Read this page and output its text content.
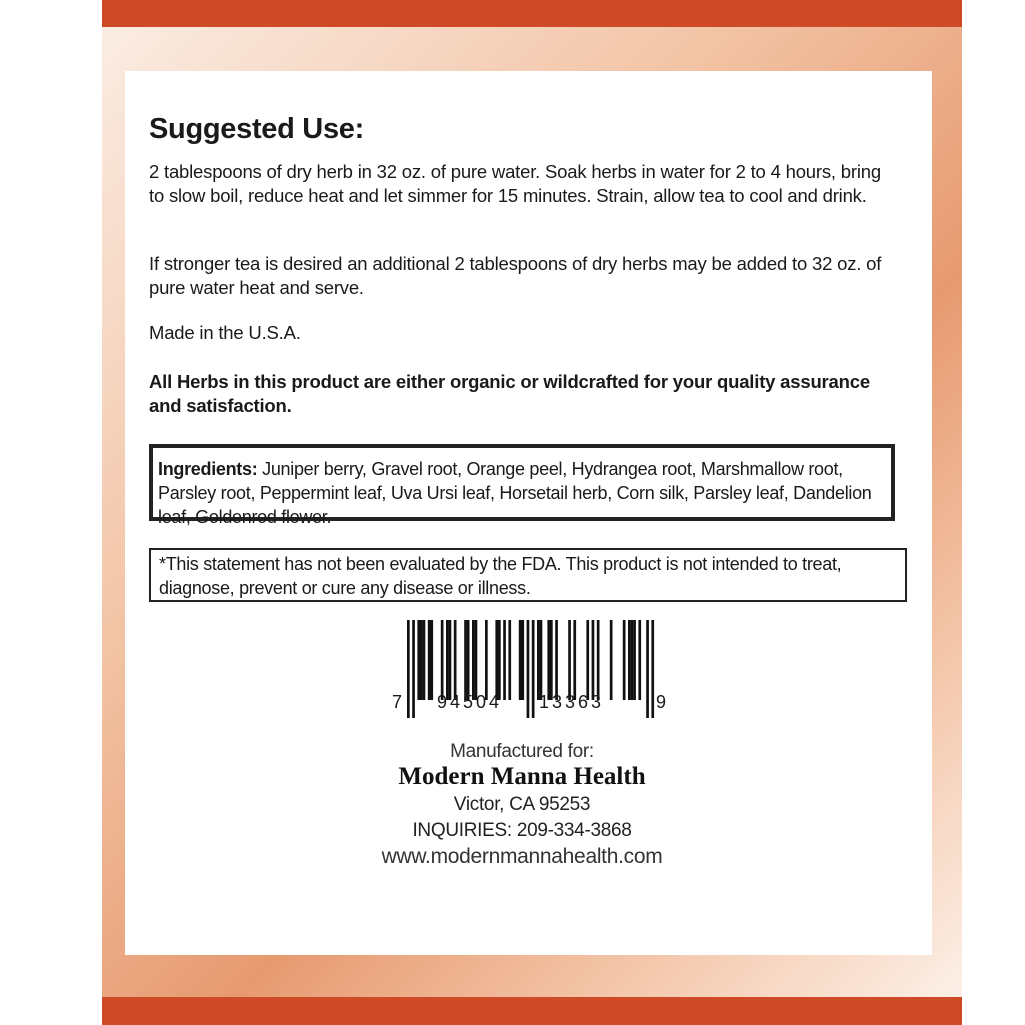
Suggested Use:

2 tablespoons of dry herb in 32 oz. of pure water. Soak herbs in water for 2 to 4 hours, bring to slow boil, reduce heat and let simmer for 15 minutes. Strain, allow tea to cool and drink.

If stronger tea is desired an additional 2 tablespoons of dry herbs may be added to 32 oz. of pure water heat and serve.

Made in the U.S.A.

All Herbs in this product are either organic or wildcrafted for your quality assurance and satisfaction.

Ingredients: Juniper berry, Gravel root, Orange peel, Hydrangea root, Marshmallow root, Parsley root, Peppermint leaf, Uva Ursi leaf, Horsetail herb, Corn silk, Parsley leaf, Dandelion leaf, Goldenrod flower.
*This statement has not been evaluated by the FDA. This product is not intended to treat, diagnose, prevent or cure any disease or illness.
7 94504 13363	9

Manufactured for:

Modern Manna Health

Victor, CA 95253

INQUIRIES: 209-334-3868

www.modernmannahealth.com
